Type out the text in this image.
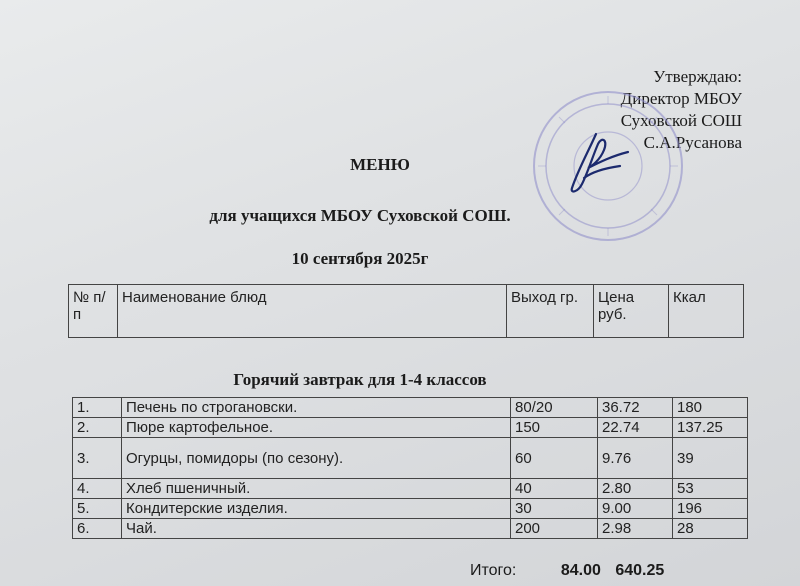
Утверждаю:
Директор МБОУ
Суховской СОШ
С.А.Русанова
МЕНЮ
для учащихся МБОУ Суховской СОШ.
10 сентября 2025г
№ п/п	Наименование блюд	Выход гр.	Цена руб.	Ккал
Горячий завтрак для 1-4 классов
1.	Печень по строгановски.	80/20	36.72	180
2.	Пюре картофельное.	150	22.74	137.25
3.	Огурцы, помидоры (по сезону).	60	9.76	39
4.	Хлеб пшеничный.	40	2.80	53
5.	Кондитерские изделия.	30	9.00	196
6.	Чай.	200	2.98	28
Итого:	84.00 640.25
